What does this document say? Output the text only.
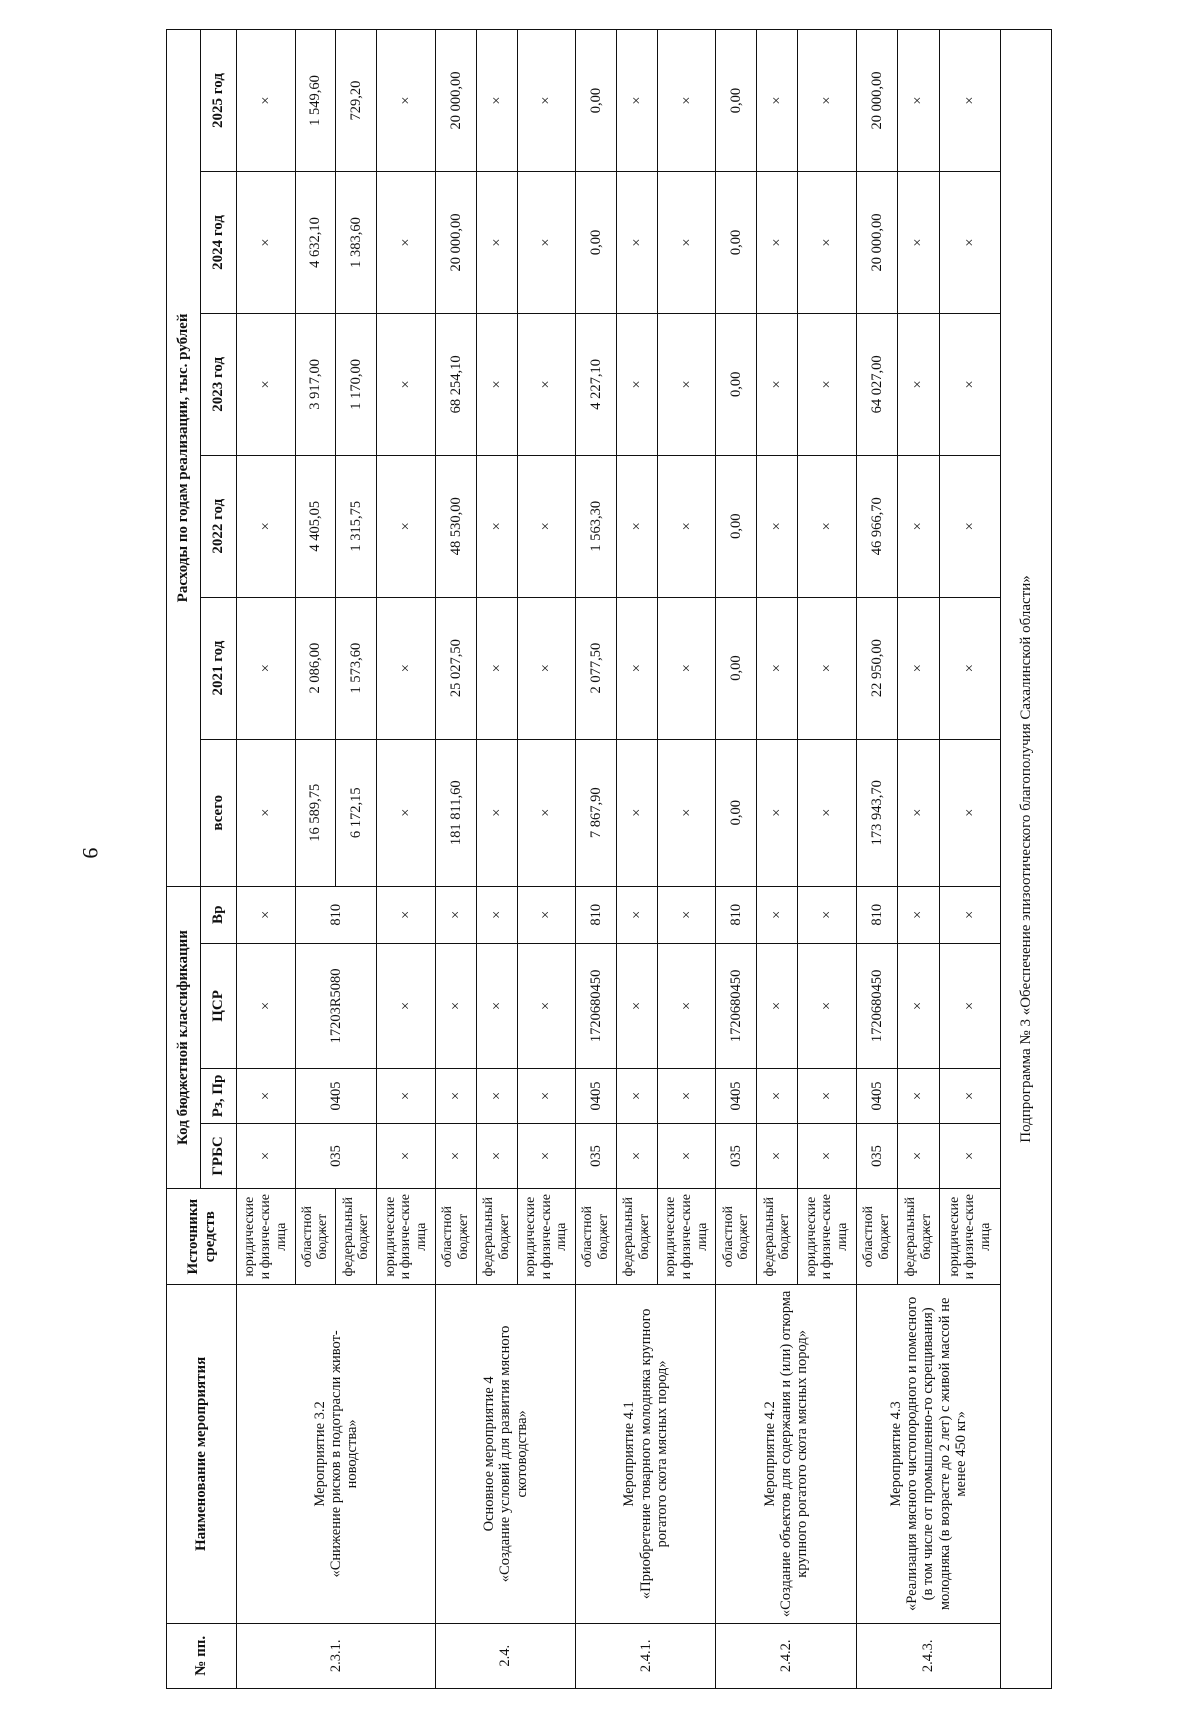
9
№ пп.	Наименование мероприятия	Источники средств	Код бюджетной классификации				Расходы по годам реализации, тыс. рублей					
			ГРБС	Рз, Пр	ЦСР	Вр	всего	2021 год	2022 год	2023 год	2024 год	2025 год
2.3.1.	Мероприятие 3.2
«Снижение рисков в подотрасли живот-
новодства»	юридические и физиче-ские лица	×	×	×	×	×	×	×	×	×	×
		областной бюджет	035	0405	17203R5080	810	16 589,75	2 086,00	4 405,05	3 917,00	4 632,10	1 549,60
		федеральный бюджет					6 172,15	1 573,60	1 315,75	1 170,00	1 383,60	729,20
		юридические и физиче-ские лица	×	×	×	×	×	×	×	×	×	×
2.4.	Основное мероприятие 4
«Создание условий для развития мясного скотоводства»	областной бюджет	×	×	×	×	181 811,60	25 027,50	48 530,00	68 254,10	20 000,00	20 000,00
		федеральный бюджет	×	×	×	×	×	×	×	×	×	×
		юридические и физиче-ские лица	×	×	×	×	×	×	×	×	×	×
2.4.1.	Мероприятие 4.1
«Приобретение товарного молодняка крупного рогатого скота мясных пород»	областной бюджет	035	0405	1720680450	810	7 867,90	2 077,50	1 563,30	4 227,10	0,00	0,00
		федеральный бюджет	×	×	×	×	×	×	×	×	×	×
		юридические и физиче-ские лица	×	×	×	×	×	×	×	×	×	×
2.4.2.	Мероприятие 4.2
«Создание объектов для содержания и (или) откорма крупного рогатого скота мясных пород»	областной бюджет	035	0405	1720680450	810	0,00	0,00	0,00	0,00	0,00	0,00
		федеральный бюджет	×	×	×	×	×	×	×	×	×	×
		юридические и физиче-ские лица	×	×	×	×	×	×	×	×	×	×
2.4.3.	Мероприятие 4.3
«Реализация мясного чистопородного и помесного (в том числе от промышленно-го скрещивания) молодняка (в возрасте до 2 лет) с живой массой не менее 450 кг»	областной бюджет	035	0405	1720680450	810	173 943,70	22 950,00	46 966,70	64 027,00	20 000,00	20 000,00
		федеральный бюджет	×	×	×	×	×	×	×	×	×	×
		юридические и физиче-ские лица	×	×	×	×	×	×	×	×	×	×
Подпрограмма № 3 «Обеспечение эпизоотического благополучия Сахалинской области»												
